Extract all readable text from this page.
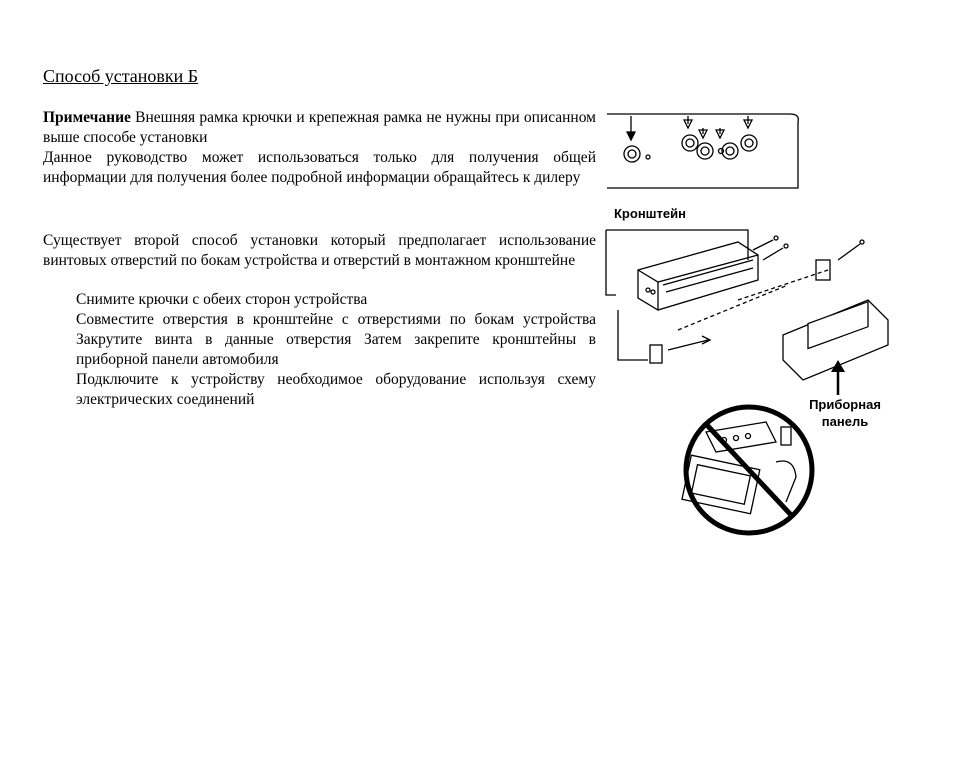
Способ установки Б
Примечание Внешняя рамка крючки и крепежная рамка не нужны при описанном выше способе установки
Данное руководство может использоваться только для получения общей информации для получения более подробной информации обращайтесь к дилеру
Существует второй способ установки который предполагает использование винтовых отверстий по бокам устройства и отверстий в монтажном кронштейне

Снимите крючки с обеих сторон устройства

Совместите отверстия в кронштейне с отверстиями по бокам устройства Закрутите винта в данные отверстия Затем закрепите кронштейны в приборной панели автомобиля

Подключите к устройству необходимое оборудование используя схему электрических соединений

Кронштейн
Приборная
панель
